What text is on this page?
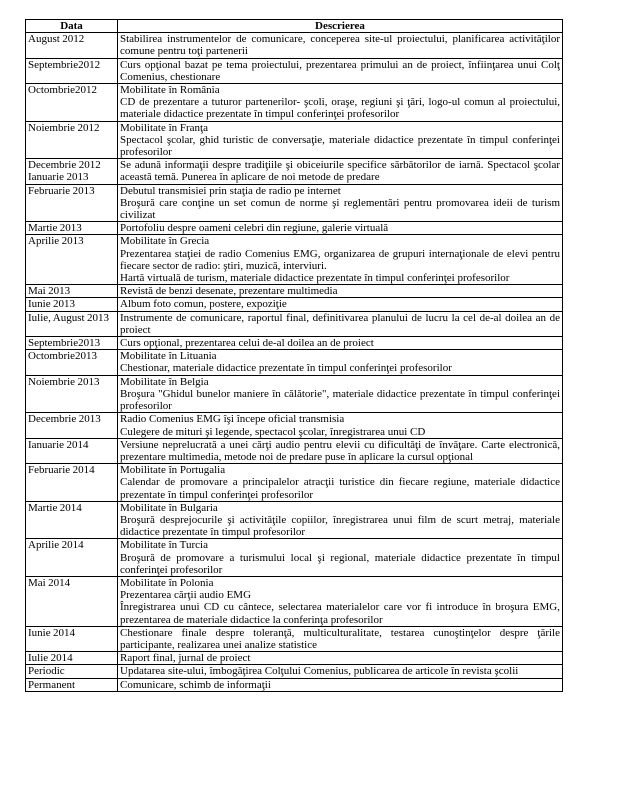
Data	Descrierea
August 2012	Stabilirea instrumentelor de comunicare, conceperea site-ul proiectului, planificarea activităţilor comune pentru toţi partenerii

Septembrie2012	Curs opţional bazat pe tema proiectului, prezentarea primului an de proiect, înfiinţarea unui Colţ Comenius, chestionare

Octombrie2012	Mobilitate în România
CD de prezentare a tuturor partenerilor- şcoli, oraşe, regiuni şi ţări, logo-ul comun al proiectului, materiale didactice prezentate în timpul conferinţei profesorilor

Noiembrie 2012	Mobilitate în Franţa
Spectacol şcolar, ghid turistic de conversaţie, materiale didactice prezentate în timpul conferinţei profesorilor

Decembrie 2012 Ianuarie 2013	Se adună informaţii despre tradiţiile şi obiceiurile specifice sărbătorilor de iarnă. Spectacol şcolar această temă. Punerea în aplicare de noi metode de predare

Februarie 2013	Debutul transmisiei prin staţia de radio pe internet
Broşură care conţine un set comun de norme şi reglementări pentru promovarea ideii de turism civilizat

Martie 2013	Portofoliu despre oameni celebri din regiune, galerie virtuală

Aprilie 2013	Mobilitate în Grecia
Prezentarea staţiei de radio Comenius EMG, organizarea de grupuri internaţionale de elevi pentru fiecare sector de radio: ştiri, muzică, interviuri.
Hartă virtuală de turism, materiale didactice prezentate în timpul conferinţei profesorilor

Mai 2013	Revistă de benzi desenate, prezentare multimedia

Iunie 2013	Album foto comun, postere, expoziţie

Iulie, August 2013	Instrumente de comunicare, raportul final, definitivarea planului de lucru la cel de-al doilea an de proiect

Septembrie2013	Curs opţional, prezentarea celui de-al doilea an de proiect

Octombrie2013	Mobilitate în Lituania
Chestionar, materiale didactice prezentate în timpul conferinţei profesorilor

Noiembrie 2013	Mobilitate în Belgia
Broşura "Ghidul bunelor maniere în călătorie", materiale didactice prezentate în timpul conferinţei profesorilor

Decembrie 2013	Radio Comenius EMG îşi începe oficial transmisia
Culegere de mituri şi legende, spectacol şcolar, înregistrarea unui CD

Ianuarie 2014	Versiune neprelucrată a unei cărţi audio pentru elevii cu dificultăţi de învăţare. Carte electronică, prezentare multimedia, metode noi de predare puse în aplicare la cursul opţional

Februarie 2014	Mobilitate în Portugalia
Calendar de promovare a principalelor atracţii turistice din fiecare regiune, materiale didactice prezentate în timpul conferinţei profesorilor

Martie 2014	Mobilitate în Bulgaria
Broşură desprejocurile şi activităţile copiilor, înregistrarea unui film de scurt metraj, materiale didactice prezentate în timpul profesorilor

Aprilie 2014	Mobilitate în Turcia
Broşură de promovare a turismului local şi regional, materiale didactice prezentate în timpul conferinţei profesorilor

Mai 2014	Mobilitate în Polonia
Prezentarea cărţii audio EMG
Înregistrarea unui CD cu cântece, selectarea materialelor care vor fi introduce în broşura EMG, prezentarea de materiale didactice la conferinţa profesorilor

Iunie 2014	Chestionare finale despre toleranţă, multiculturalitate, testarea cunoştinţelor despre ţările participante, realizarea unei analize statistice

Iulie 2014	Raport final, jurnal de proiect

Periodic	Updatarea site-ului, îmbogăţirea Colţului Comenius, publicarea de articole în revista şcolii

Permanent	Comunicare, schimb de informaţii
